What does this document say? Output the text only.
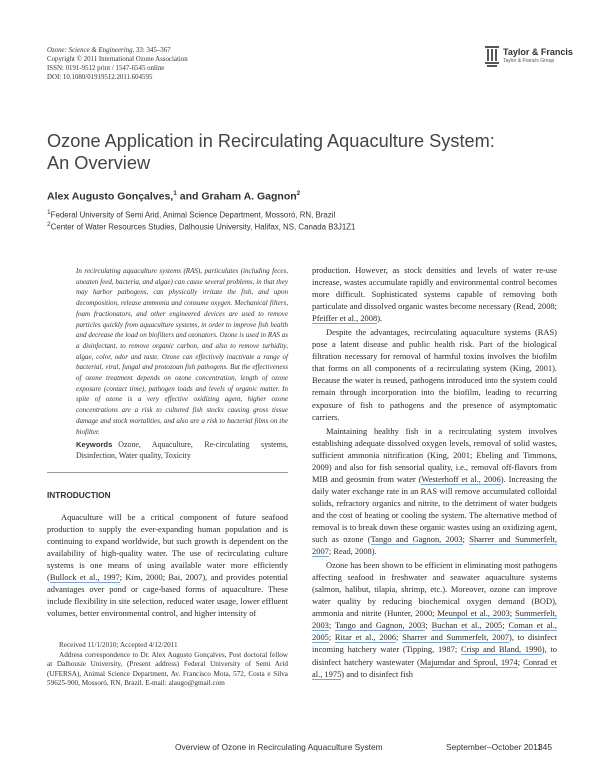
Ozone: Science & Engineering, 33: 345–367
Copyright © 2011 International Ozone Association
ISSN: 0191-9512 print / 1547-6545 online
DOI: 10.1080/01919512.2011.604595
Taylor & Francis
Taylor & Francis Group
Ozone Application in Recirculating Aquaculture System:
An Overview
Alex Augusto Gonçalves,$^1$ and Graham A. Gagnon$^2$
$^1$Federal University of Semi Arid, Animal Science Department, Mossoró, RN, Brazil
$^2$Center of Water Resources Studies, Dalhousie University, Halifax, NS, Canada B3J1Z1
In recirculating aquaculture systems (RAS), particulates (including feces, uneaten feed, bacteria, and algae) can cause several problems, in that they may harbor pathogens, can physically irritate the fish, and upon decomposition, release ammonia and consume oxygen. Mechanical filters, foam fractionators, and other engineered devices are used to remove particles quickly from aquaculture systems, in order to improve fish health and decrease the load on biofilters and ozonators. Ozone is used in RAS as a disinfectant, to remove organic carbon, and also to remove turbidity, algae, color, odor and taste. Ozone can effectively inactivate a range of bacterial, viral, fungal and protozoan fish pathogens. But the effectiveness of ozone treatment depends on ozone concentration, length of ozone exposure (contact time), pathogen loads and levels of organic matter. In spite of ozone is a very effective oxidizing agent, higher ozone concentrations are a risk to cultured fish stocks causing gross tissue damage and stock mortalities, and also are a risk to bacterial films on the biofilter.
Keywords Ozone, Aquaculture, Re-circulating systems, Disinfection, Water quality, Toxicity
INTRODUCTION

Aquaculture will be a critical component of future seafood production to supply the ever-expanding human population and is continuing to expand worldwide, but such growth is dependent on the availability of high-quality water. The use of recirculating culture systems is one means of using available water more efficiently (Bullock et al., 1997; Kim, 2000; Bai, 2007), and provides potential advantages over pond or cage-based forms of aquaculture. These include flexibility in site selection, reduced water usage, lower effluent volumes, better environmental control, and higher intensity of

Received 11/1/2010; Accepted 4/12/2011

Address correspondence to Dr. Alex Augusto Gonçalves, Post doctoral fellow at Dalhousie University, (Present address) Federal University of Semi Arid (UFERSA), Animal Science Department, Av. Francisco Mota, 572, Costa e Silva 59625-900, Mossoró, RN, Brazil. E-mail: alaugo@gmail.com

production. However, as stock densities and levels of water re-use increase, wastes accumulate rapidly and environmental control becomes more difficult. Sophisticated systems capable of removing both particulate and dissolved organic wastes become necessary (Read, 2008; Pfeiffer et al., 2008).

Despite the advantages, recirculating aquaculture systems (RAS) pose a latent disease and public health risk. Part of the biological filtration necessary for removal of harmful toxins involves the biofilm that forms on all components of a recirculating system (King, 2001). Because the water is reused, pathogens introduced into the system could remain through incorporation into the biofilm, leading to recurring exposure of fish to pathogens and the presence of asymptomatic carriers.

Maintaining healthy fish in a recirculating system involves establishing adequate dissolved oxygen levels, removal of solid wastes, sufficient ammonia nitrification (King, 2001; Ebeling and Timmons, 2009) and also for fish sensorial quality, i.e., removal off-flavors from MIB and geosmin from water (Westerhoff et al., 2006). Increasing the daily water exchange rate in an RAS will remove accumulated colloidal solids, refractory organics and nitrite, to the detriment of water budgets and the cost of heating or cooling the system. The alternative method of removal is to break down these organic wastes using an oxidizing agent, such as ozone (Tango and Gagnon, 2003; Sharrer and Summerfelt, 2007; Read, 2008).

Ozone has been shown to be efficient in eliminating most pathogens affecting seafood in freshwater and seawater aquaculture systems (salmon, halibut, tilapia, shrimp, etc.). Moreover, ozone can improve water quality by reducing biochemical oxygen demand (BOD), ammonia and nitrite (Hunter, 2000; Meunpol et al., 2003; Summerfelt, 2003; Tango and Gagnon, 2003; Buchan et al., 2005; Coman et al., 2005; Ritar et al., 2006; Sharrer and Summerfelt, 2007), to disinfect incoming hatchery water (Tipping, 1987; Crisp and Bland, 1990), to disinfect hatchery wastewater (Majumdar and Sproul, 1974; Conrad et al., 1975) and to disinfect fish

Overview of Ozone in Recirculating Aquaculture System	September–October 2011
345
